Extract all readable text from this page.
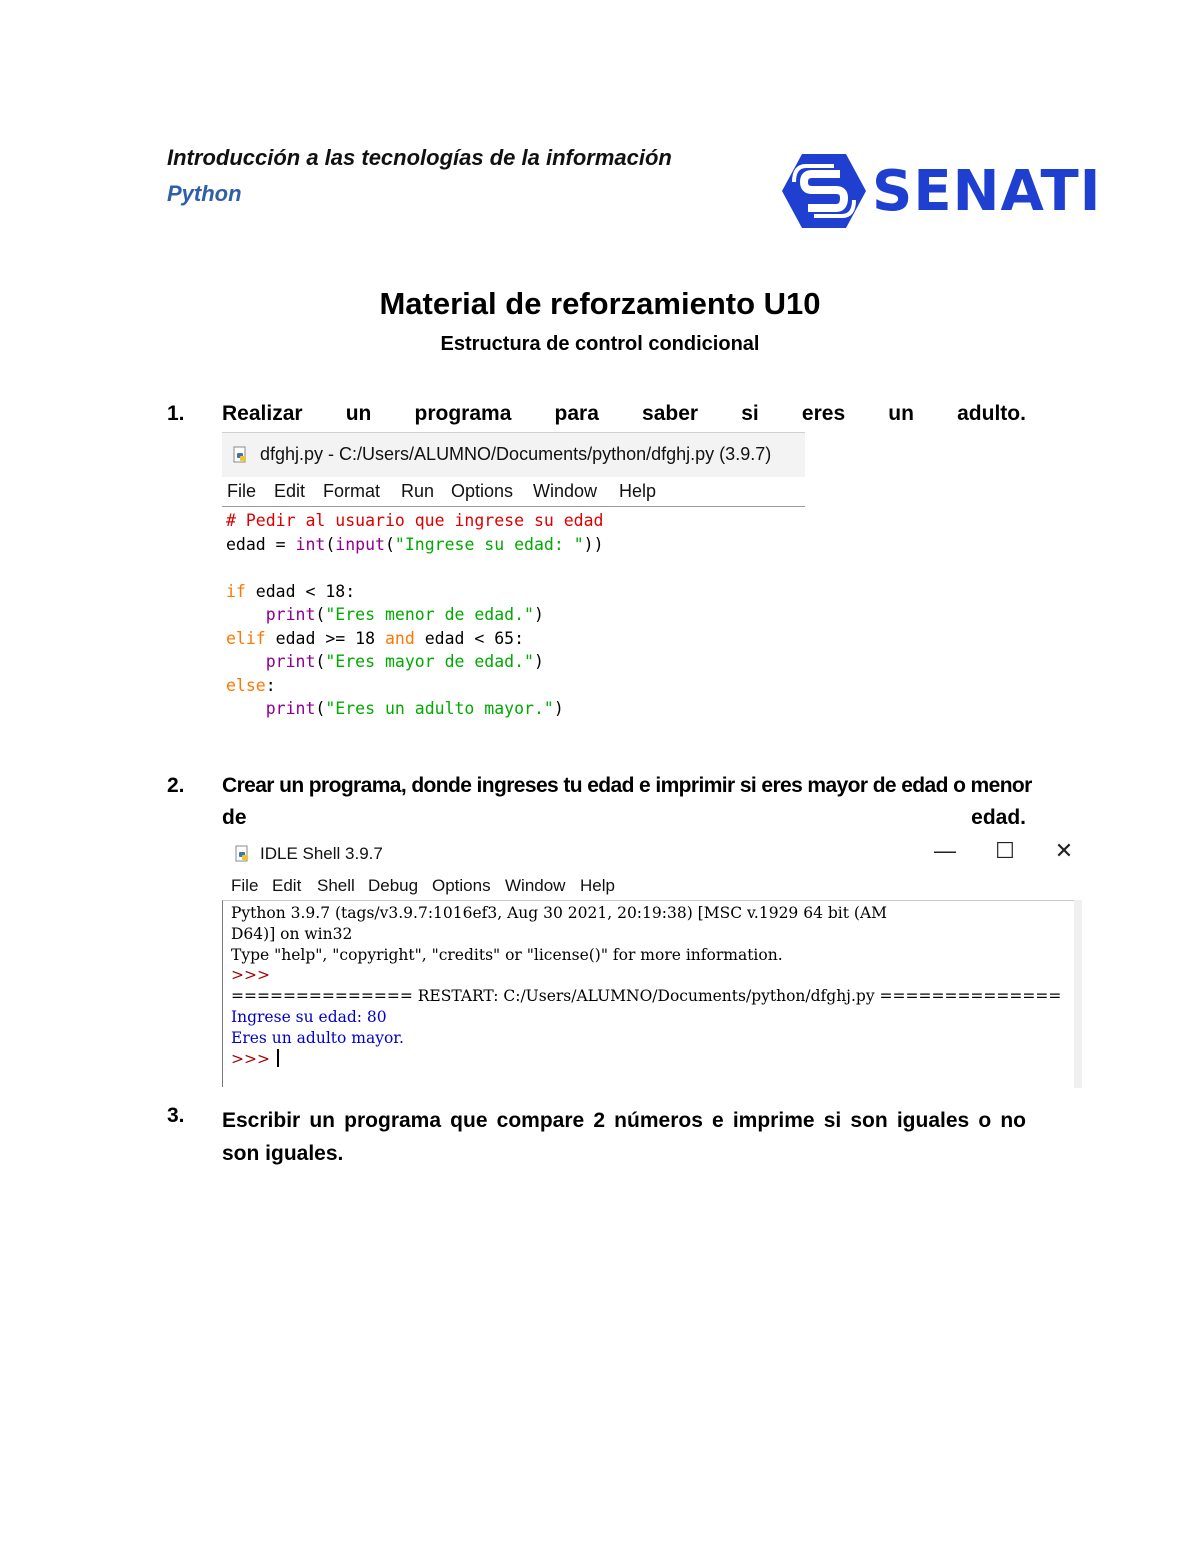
Introducción a las tecnologías de la información
Python	SENATI
Material de reforzamiento U10
Estructura de control condicional
1. Realizar un programa para saber si eres un adulto.
dfghj.py - C:/Users/ALUMNO/Documents/python/dfghj.py (3.9.7)
File Edit Format Run Options Window Help
# Pedir al usuario que ingrese su edad
edad = int(input("Ingrese su edad: "))

if edad < 18:
print("Eres menor de edad.")
elif edad >= 18 and edad < 65:
print("Eres mayor de edad.")
else:
print("Eres un adulto mayor.")
2. Crear un programa, donde ingreses tu edad e imprimir si eres mayor de edad o menor
de	edad.
IDLE Shell 3.9.7	— ☐ ✕
File Edit Shell Debug Options Window Help
Python 3.9.7 (tags/v3.9.7:1016ef3, Aug 30 2021, 20:19:38) [MSC v.1929 64 bit (AM
D64)] on win32
Type "help", "copyright", "credits" or "license()" for more information.
>>>
============== RESTART: C:/Users/ALUMNO/Documents/python/dfghj.py ==============
Ingrese su edad: 80
Eres un adulto mayor.
>>>
3. Escribir un programa que compare 2 números e imprime si son iguales o no son iguales.
